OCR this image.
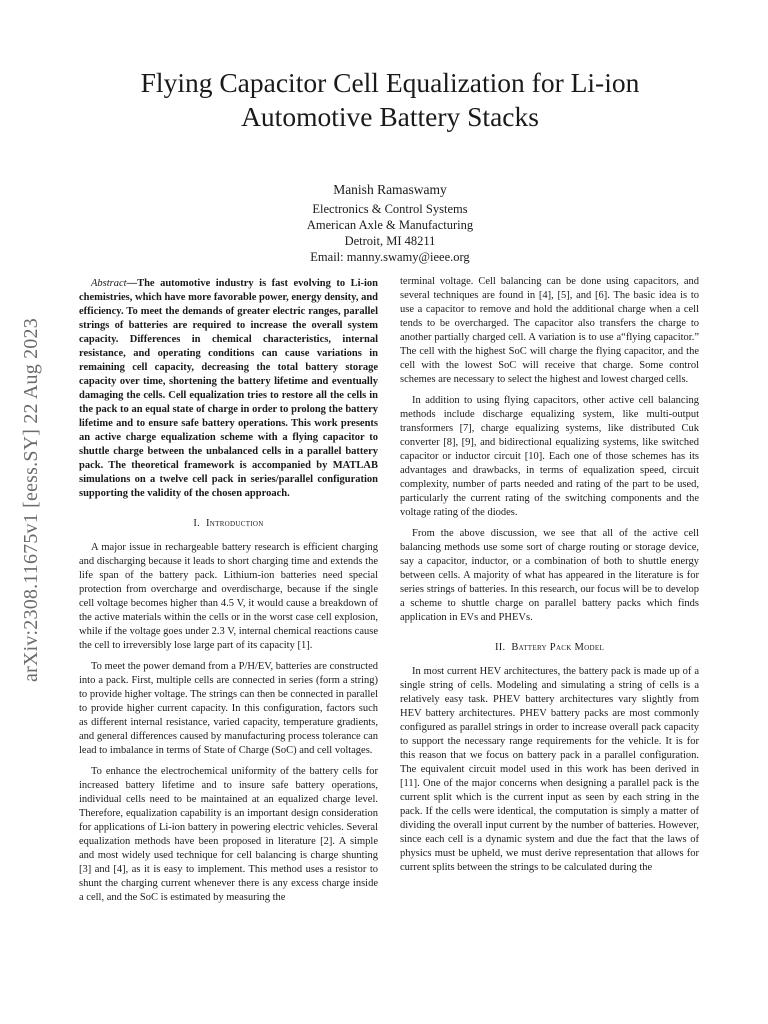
arXiv:2308.11675v1 [eess.SY] 22 Aug 2023
Flying Capacitor Cell Equalization for Li-ion Automotive Battery Stacks
Manish Ramaswamy
Electronics & Control Systems
American Axle & Manufacturing
Detroit, MI 48211
Email: manny.swamy@ieee.org

Abstract—The automotive industry is fast evolving to Li-ion chemistries, which have more favorable power, energy density, and efficiency. To meet the demands of greater electric ranges, parallel strings of batteries are required to increase the overall system capacity. Differences in chemical characteristics, internal resistance, and operating conditions can cause variations in remaining cell capacity, decreasing the total battery storage capacity over time, shortening the battery lifetime and eventually damaging the cells. Cell equalization tries to restore all the cells in the pack to an equal state of charge in order to prolong the battery lifetime and to ensure safe battery operations. This work presents an active charge equalization scheme with a flying capacitor to shuttle charge between the unbalanced cells in a parallel battery pack. The theoretical framework is accompanied by MATLAB simulations on a twelve cell pack in series/parallel configuration supporting the validity of the chosen approach.

I. Introduction

A major issue in rechargeable battery research is efficient charging and discharging because it leads to short charging time and extends the life span of the battery pack. Lithium-ion batteries need special protection from overcharge and overdischarge, because if the single cell voltage becomes higher than 4.5 V, it would cause a breakdown of the active materials within the cells or in the worst case cell explosion, while if the voltage goes under 2.3 V, internal chemical reactions cause the cell to irreversibly lose large part of its capacity [1].

To meet the power demand from a P/H/EV, batteries are constructed into a pack. First, multiple cells are connected in series (form a string) to provide higher voltage. The strings can then be connected in parallel to provide higher current capacity. In this configuration, factors such as different internal resistance, varied capacity, temperature gradients, and general differences caused by manufacturing process tolerance can lead to imbalance in terms of State of Charge (SoC) and cell voltages.

To enhance the electrochemical uniformity of the battery cells for increased battery lifetime and to insure safe battery operations, individual cells need to be maintained at an equalized charge level. Therefore, equalization capability is an important design consideration for applications of Li-ion battery in powering electric vehicles. Several equalization methods have been proposed in literature [2]. A simple and most widely used technique for cell balancing is charge shunting [3] and [4], as it is easy to implement. This method uses a resistor to shunt the charging current whenever there is any excess charge inside a cell, and the SoC is estimated by measuring the

terminal voltage. Cell balancing can be done using capacitors, and several techniques are found in [4], [5], and [6]. The basic idea is to use a capacitor to remove and hold the additional charge when a cell tends to be overcharged. The capacitor also transfers the charge to another partially charged cell. A variation is to use a“flying capacitor.” The cell with the highest SoC will charge the flying capacitor, and the cell with the lowest SoC will receive that charge. Some control schemes are necessary to select the highest and lowest charged cells.

In addition to using flying capacitors, other active cell balancing methods include discharge equalizing system, like multi-output transformers [7], charge equalizing systems, like distributed Cuk converter [8], [9], and bidirectional equalizing systems, like switched capacitor or inductor circuit [10]. Each one of those schemes has its advantages and drawbacks, in terms of equalization speed, circuit complexity, number of parts needed and rating of the part to be used, particularly the current rating of the switching components and the voltage rating of the diodes.

From the above discussion, we see that all of the active cell balancing methods use some sort of charge routing or storage device, say a capacitor, inductor, or a combination of both to shuttle energy between cells. A majority of what has appeared in the literature is for series strings of batteries. In this research, our focus will be to develop a scheme to shuttle charge on parallel battery packs which finds application in EVs and PHEVs.

II. Battery Pack Model

In most current HEV architectures, the battery pack is made up of a single string of cells. Modeling and simulating a string of cells is a relatively easy task. PHEV battery architectures vary slightly from HEV battery architectures. PHEV battery packs are most commonly configured as parallel strings in order to increase overall pack capacity to support the necessary range requirements for the vehicle. It is for this reason that we focus on battery pack in a parallel configuration. The equivalent circuit model used in this work has been derived in [11]. One of the major concerns when designing a parallel pack is the current split which is the current input as seen by each string in the pack. If the cells were identical, the computation is simply a matter of dividing the overall input current by the number of batteries. However, since each cell is a dynamic system and due the fact that the laws of physics must be upheld, we must derive representation that allows for current splits between the strings to be calculated during the
